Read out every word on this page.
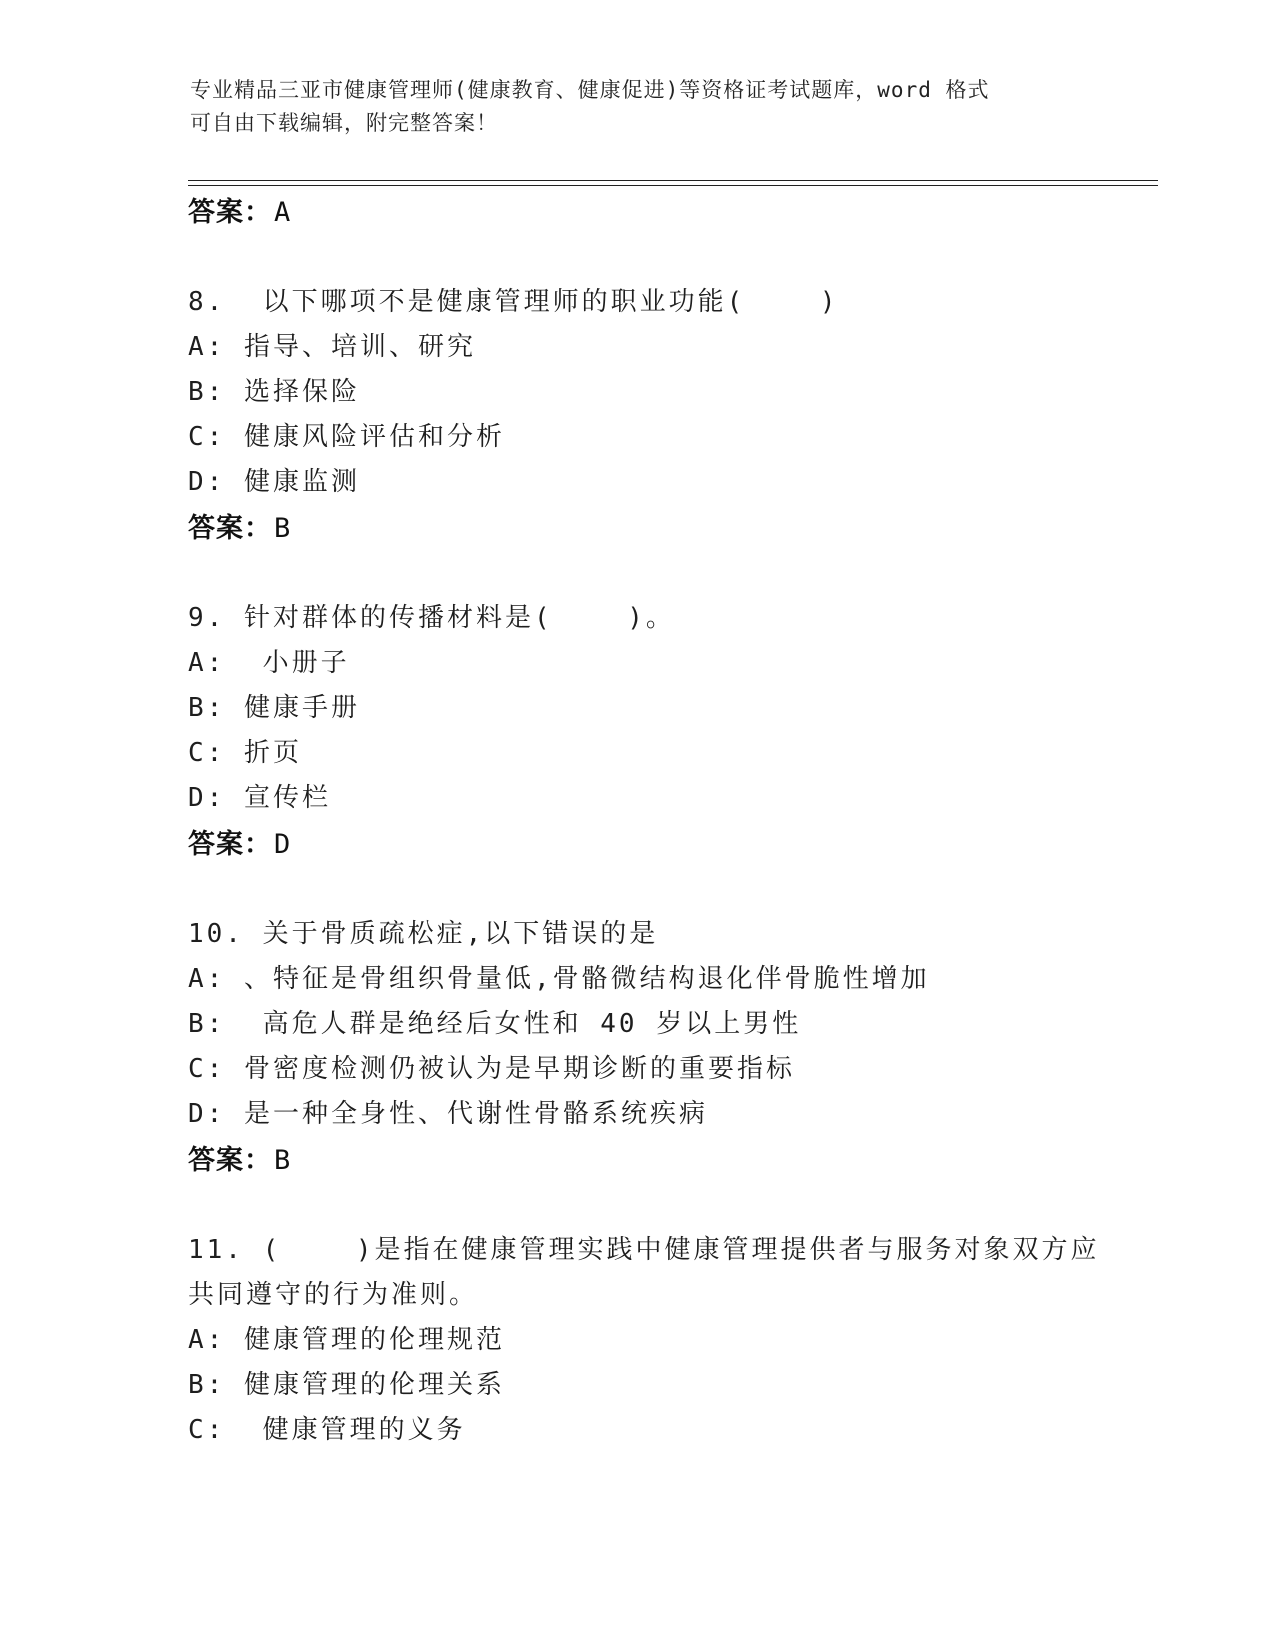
专业精品三亚市健康管理师(健康教育、健康促进)等资格证考试题库，word 格式
可自由下载编辑，附完整答案！
答案：A
8.  以下哪项不是健康管理师的职业功能(    )
A: 指导、培训、研究
B: 选择保险
C: 健康风险评估和分析
D: 健康监测
答案：B
9. 针对群体的传播材料是(    )。
A:  小册子
B: 健康手册
C: 折页
D: 宣传栏
答案：D
10. 关于骨质疏松症,以下错误的是
A: 、特征是骨组织骨量低,骨骼微结构退化伴骨脆性增加
B:  高危人群是绝经后女性和 40 岁以上男性
C: 骨密度检测仍被认为是早期诊断的重要指标
D: 是一种全身性、代谢性骨骼系统疾病
答案：B
11. (    )是指在健康管理实践中健康管理提供者与服务对象双方应
共同遵守的行为准则。
A: 健康管理的伦理规范
B: 健康管理的伦理关系
C:  健康管理的义务
